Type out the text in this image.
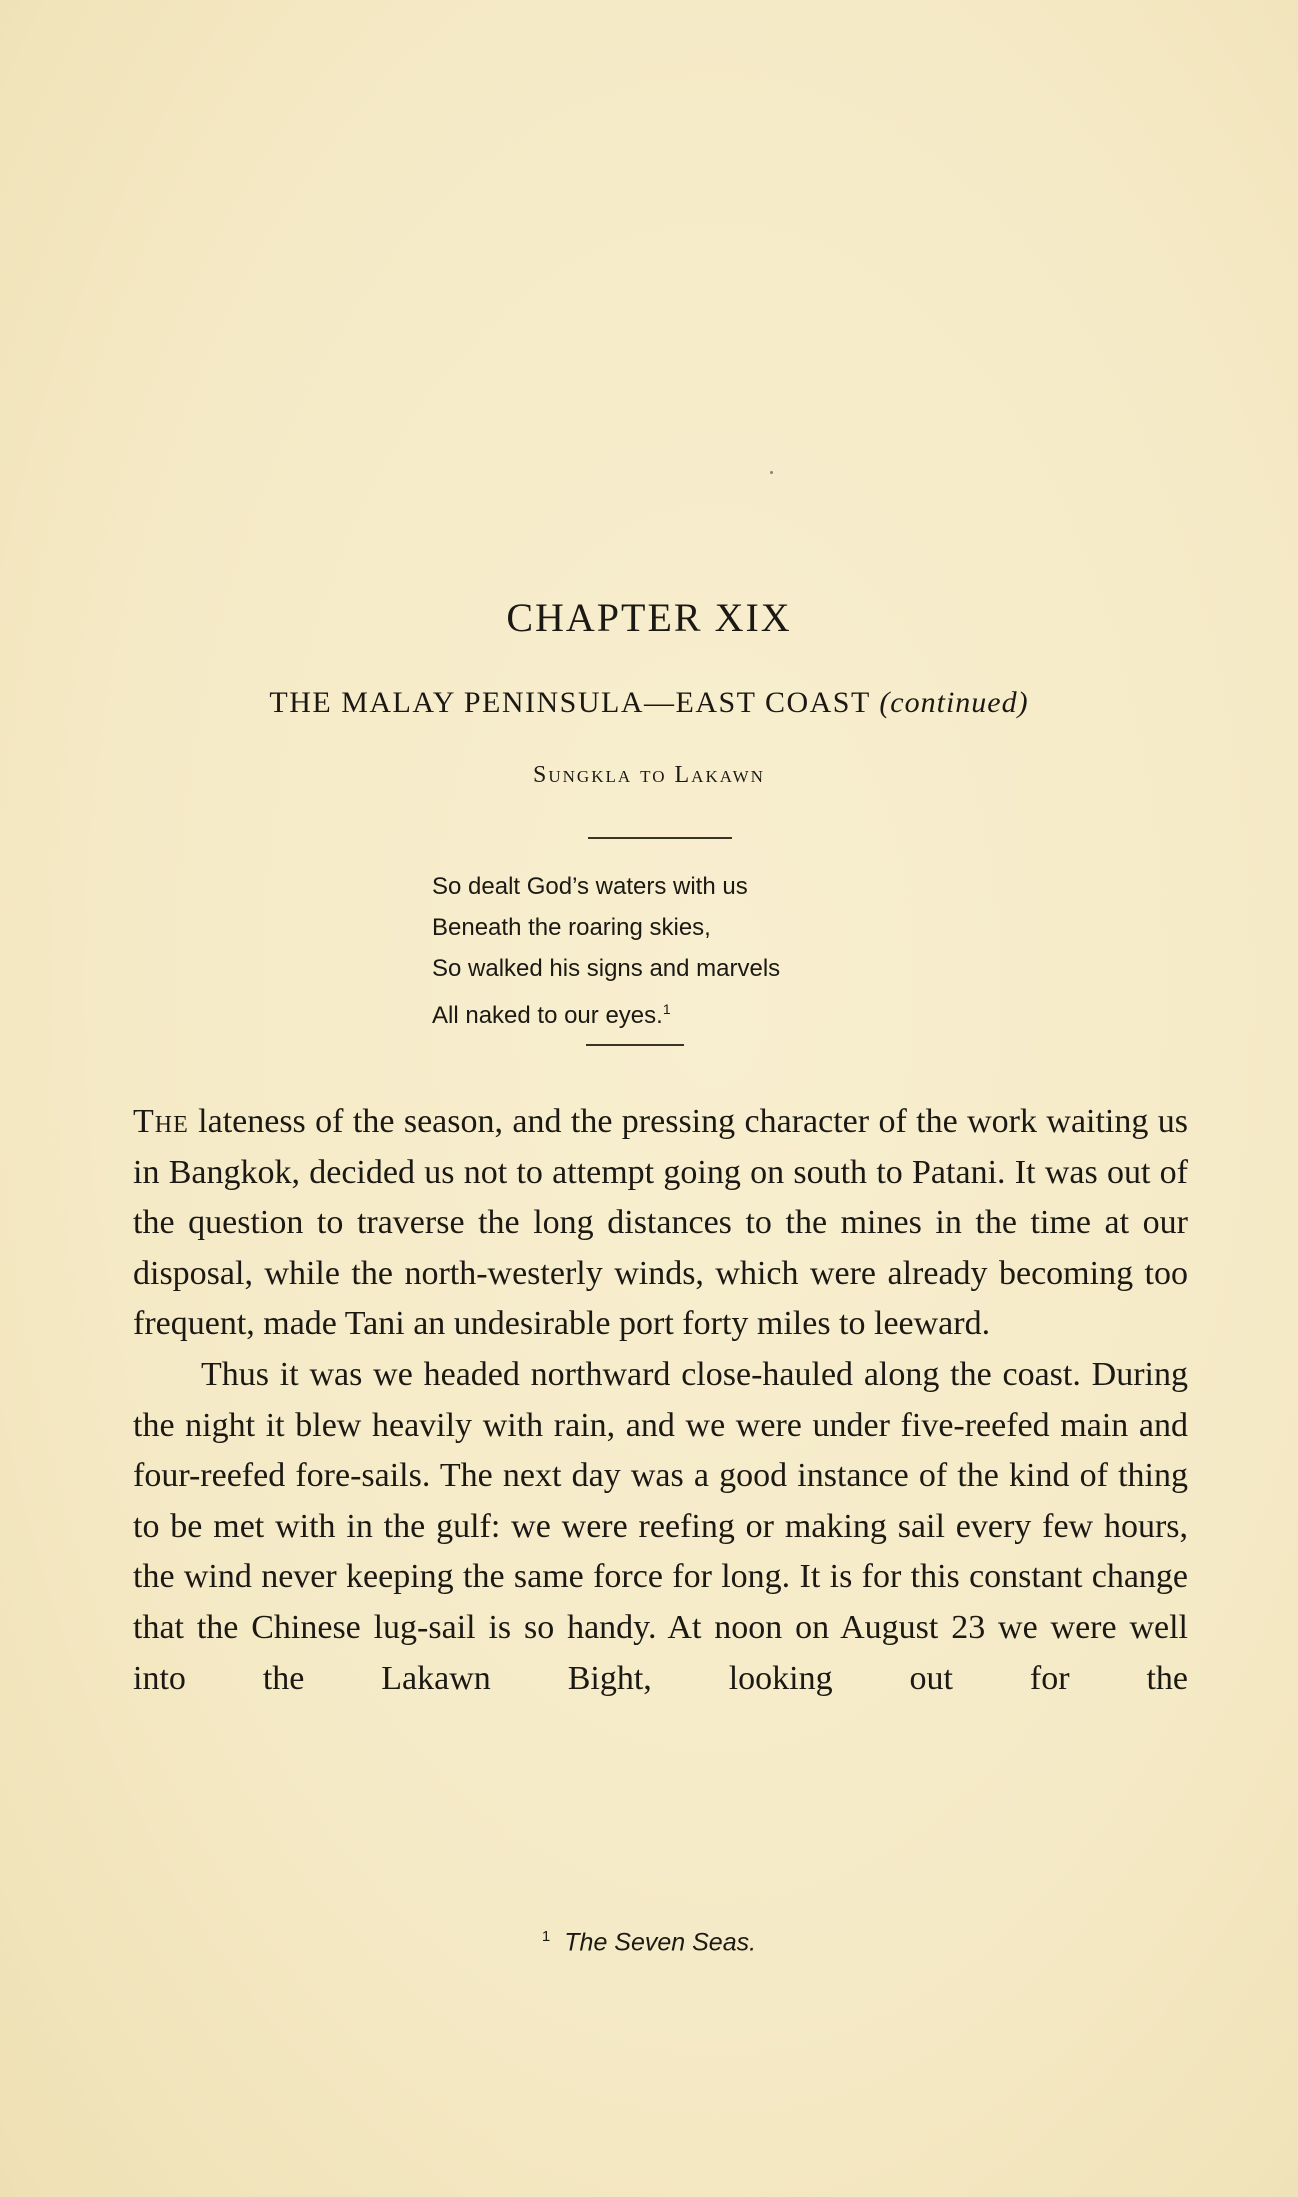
CHAPTER XIX
THE MALAY PENINSULA—EAST COAST (continued)
Sungkla to Lakawn
So dealt God’s waters with us
Beneath the roaring skies,
So walked his signs and marvels
All naked to our eyes.$^1$

The lateness of the season, and the pressing character of the work waiting us in Bangkok, decided us not to attempt going on south to Patani. It was out of the question to traverse the long distances to the mines in the time at our disposal, while the north-westerly winds, which were already becoming too frequent, made Tani an undesirable port forty miles to leeward.

Thus it was we headed northward close-hauled along the coast. During the night it blew heavily with rain, and we were under five-reefed main and four-reefed fore-sails. The next day was a good instance of the kind of thing to be met with in the gulf: we were reefing or making sail every few hours, the wind never keeping the same force for long. It is for this constant change that the Chinese lug-sail is so handy. At noon on August 23 we were well into the Lakawn Bight, looking out for the

$^1$ The Seven Seas.
